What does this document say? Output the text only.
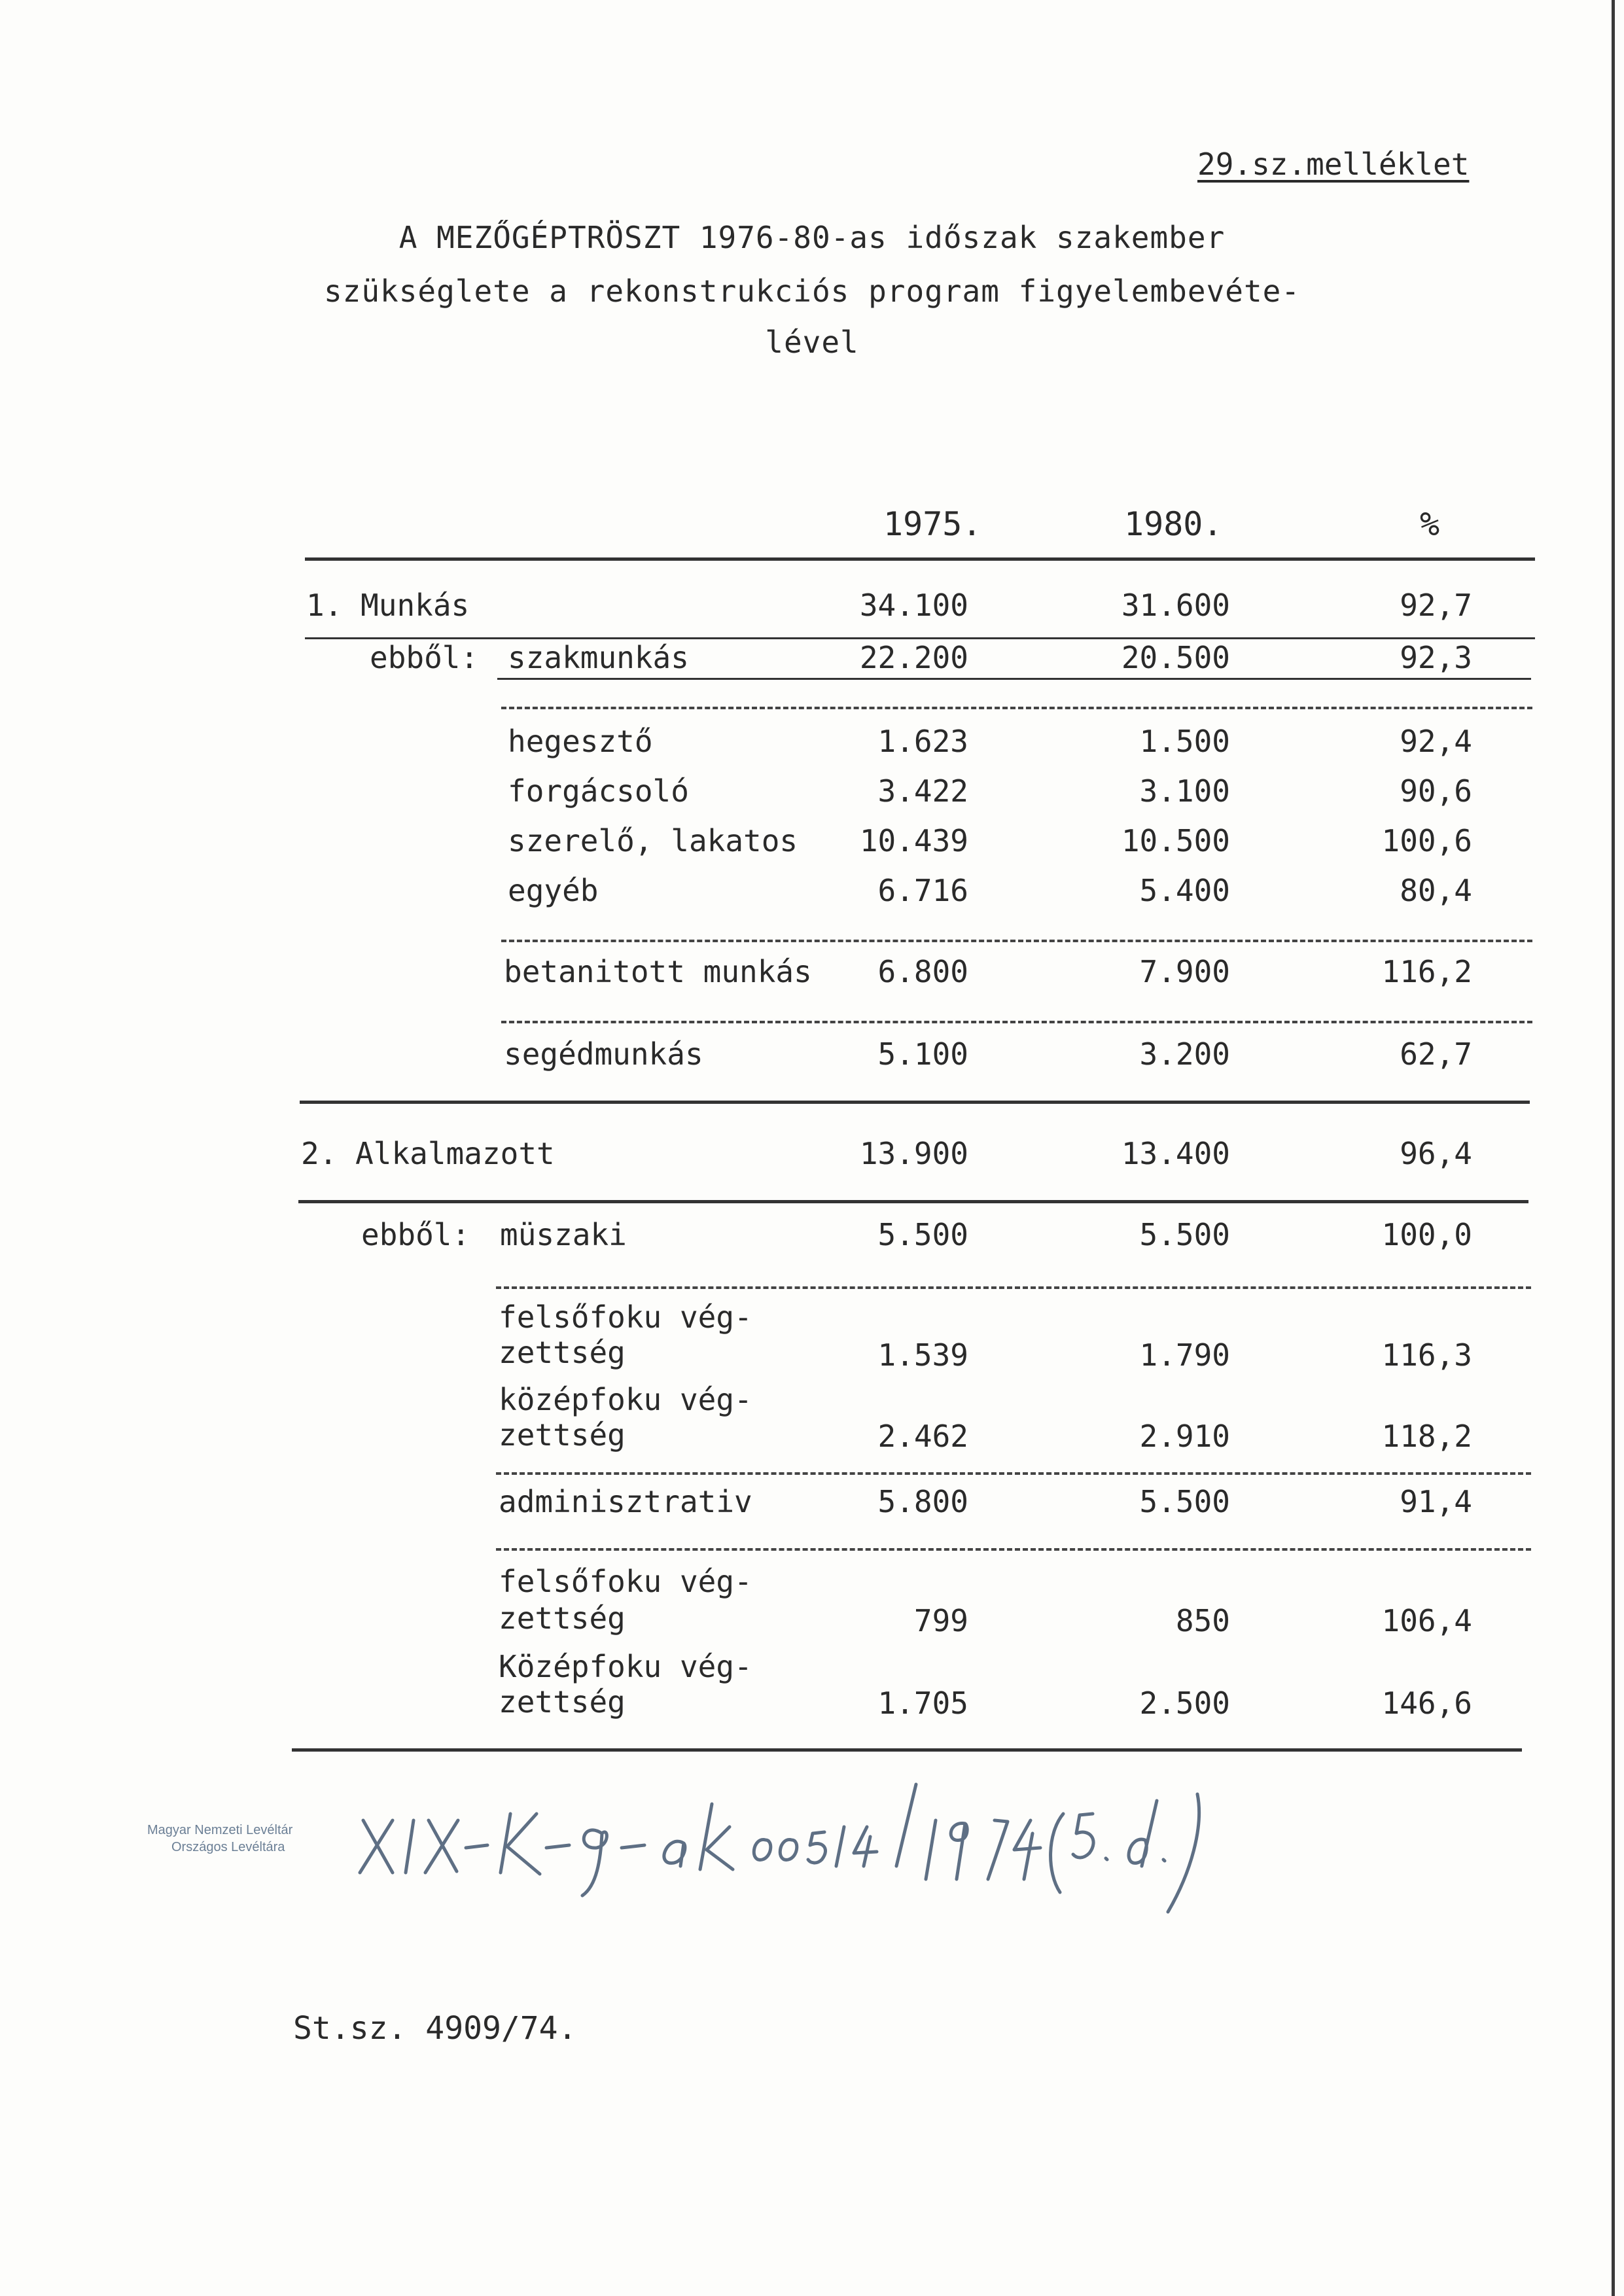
29.sz.melléklet
A MEZŐGÉPTRÖSZT 1976-80-as időszak szakember
szükséglete a rekonstrukciós program figyelembevéte-
lével
1975.	1980.	%
1. Munkás	34.100	31.600	92,7
ebből: szakmunkás	22.200	20.500	92,3
hegesztő	1.623	1.500	92,4
forgácsoló	3.422	3.100	90,6
szerelő, lakatos	10.439	10.500	100,6
egyéb	6.716	5.400	80,4
betanitott munkás	6.800	7.900	116,2
segédmunkás	5.100	3.200	62,7
2. Alkalmazott	13.900	13.400	96,4
ebből: müszaki	5.500	5.500	100,0
felsőfoku vég-
zettség	1.539	1.790	116,3
középfoku vég-
zettség	2.462	2.910	118,2
adminisztrativ	5.800	5.500	91,4
felsőfoku vég-
zettség	799	850	106,4
Középfoku vég-
zettség	1.705	2.500	146,6
Magyar Nemzeti Levéltár
Országos Levéltára
St.sz. 4909/74.
